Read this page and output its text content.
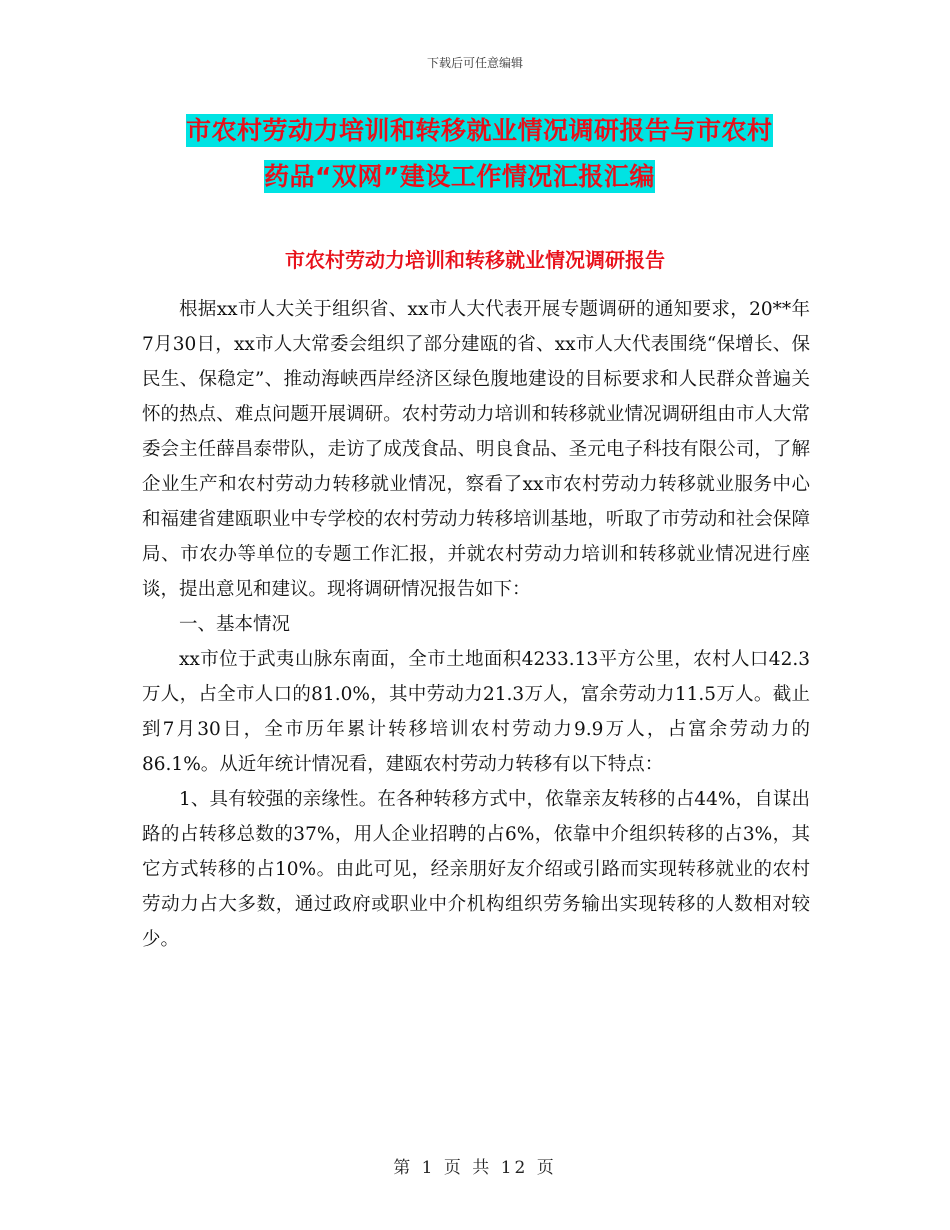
下载后可任意编辑
市农村劳动力培训和转移就业情况调研报告与市农村
药品“双网”建设工作情况汇报汇编
市农村劳动力培训和转移就业情况调研报告

根据xx市人大关于组织省、xx市人大代表开展专题调研的通知要求，20**年7月30日，xx市人大常委会组织了部分建瓯的省、xx市人大代表围绕“保增长、保民生、保稳定”、推动海峡西岸经济区绿色腹地建设的目标要求和人民群众普遍关怀的热点、难点问题开展调研。农村劳动力培训和转移就业情况调研组由市人大常委会主任薛昌泰带队，走访了成茂食品、明良食品、圣元电子科技有限公司，了解企业生产和农村劳动力转移就业情况，察看了xx市农村劳动力转移就业服务中心和福建省建瓯职业中专学校的农村劳动力转移培训基地，听取了市劳动和社会保障局、市农办等单位的专题工作汇报，并就农村劳动力培训和转移就业情况进行座谈，提出意见和建议。现将调研情况报告如下：

一、基本情况

xx市位于武夷山脉东南面，全市土地面积4233.13平方公里，农村人口42.3万人，占全市人口的81.0%，其中劳动力21.3万人，富余劳动力11.5万人。截止到7月30日，全市历年累计转移培训农村劳动力9.9万人，占富余劳动力的86.1%。从近年统计情况看，建瓯农村劳动力转移有以下特点：

1、具有较强的亲缘性。在各种转移方式中，依靠亲友转移的占44%，自谋出路的占转移总数的37%，用人企业招聘的占6%，依靠中介组织转移的占3%，其它方式转移的占10%。由此可见，经亲朋好友介绍或引路而实现转移就业的农村劳动力占大多数，通过政府或职业中介机构组织劳务输出实现转移的人数相对较少。

第 1 页 共 12 页
